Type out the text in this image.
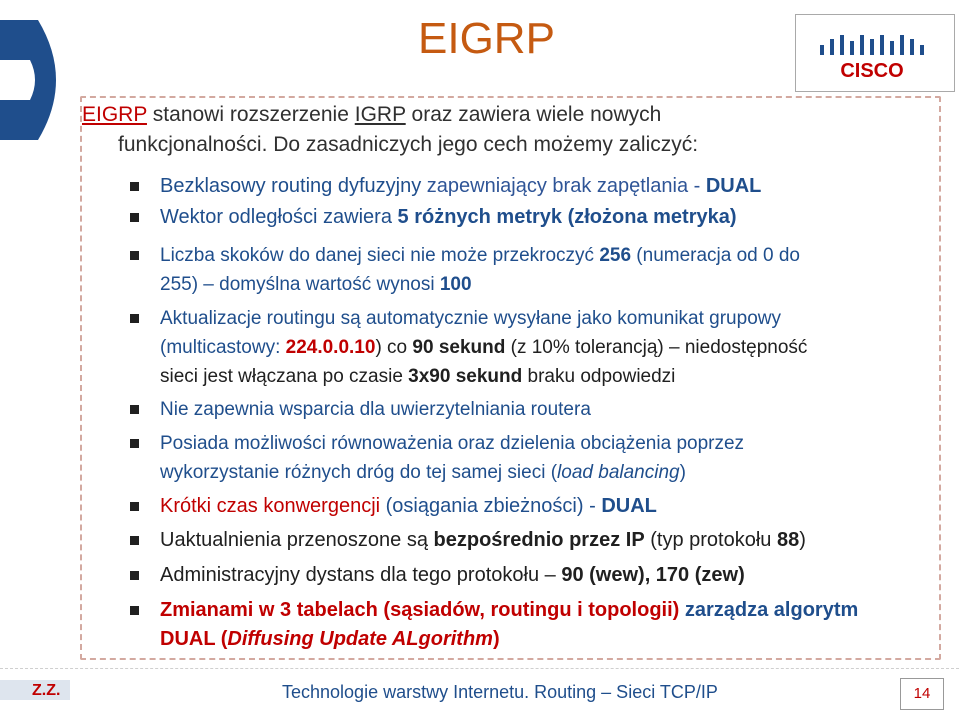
EIGRP
CISCO
EIGRP stanowi rozszerzenie IGRP oraz zawiera wiele nowych
funkcjonalności. Do zasadniczych jego cech możemy zaliczyć:
Bezklasowy routing dyfuzyjny zapewniający brak zapętlania - DUAL
Wektor odległości zawiera 5 różnych metryk (złożona metryka)
Liczba skoków do danej sieci nie może przekroczyć 256 (numeracja od 0 do
255) – domyślna wartość wynosi 100
Aktualizacje routingu są automatycznie wysyłane jako komunikat grupowy
(multicastowy: 224.0.0.10) co 90 sekund (z 10% tolerancją) – niedostępność
sieci jest włączana po czasie 3x90 sekund braku odpowiedzi
Nie zapewnia wsparcia dla uwierzytelniania routera
Posiada możliwości równoważenia oraz dzielenia obciążenia poprzez
wykorzystanie różnych dróg do tej samej sieci (load balancing)
Krótki czas konwergencji (osiągania zbieżności) - DUAL
Uaktualnienia przenoszone są bezpośrednio przez IP (typ protokołu 88)
Administracyjny dystans dla tego protokołu – 90 (wew), 170 (zew)
Zmianami w 3 tabelach (sąsiadów, routingu i topologii) zarządza algorytm
DUAL (Diffusing Update ALgorithm)
Z.Z.	Technologie warstwy Internetu. Routing – Sieci TCP/IP	14
